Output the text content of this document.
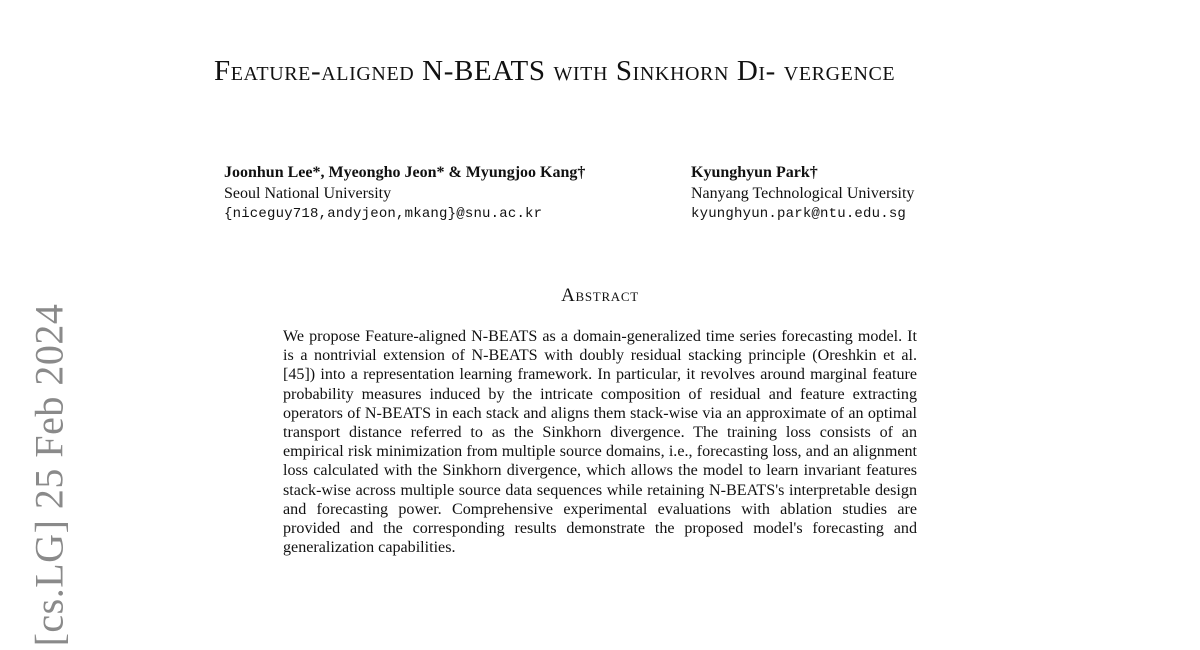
[cs.LG] 25 Feb 2024
Feature-aligned N-BEATS with Sinkhorn Di- vergence
Joonhun Lee*, Myeongho Jeon* & Myungjoo Kang†
Seoul National University
{niceguy718,andyjeon,mkang}@snu.ac.kr
Kyunghyun Park†
Nanyang Technological University
kyunghyun.park@ntu.edu.sg
Abstract

We propose Feature-aligned N-BEATS as a domain-generalized time series forecasting model. It is a nontrivial extension of N-BEATS with doubly residual stacking principle (Oreshkin et al. [45]) into a representation learning framework. In particular, it revolves around marginal feature probability measures induced by the intricate composition of residual and feature extracting operators of N-BEATS in each stack and aligns them stack-wise via an approximate of an optimal transport distance referred to as the Sinkhorn divergence. The training loss consists of an empirical risk minimization from multiple source domains, i.e., forecasting loss, and an alignment loss calculated with the Sinkhorn divergence, which allows the model to learn invariant features stack-wise across multiple source data sequences while retaining N-BEATS's interpretable design and forecasting power. Comprehensive experimental evaluations with ablation studies are provided and the corresponding results demonstrate the proposed model's forecasting and generalization capabilities.
